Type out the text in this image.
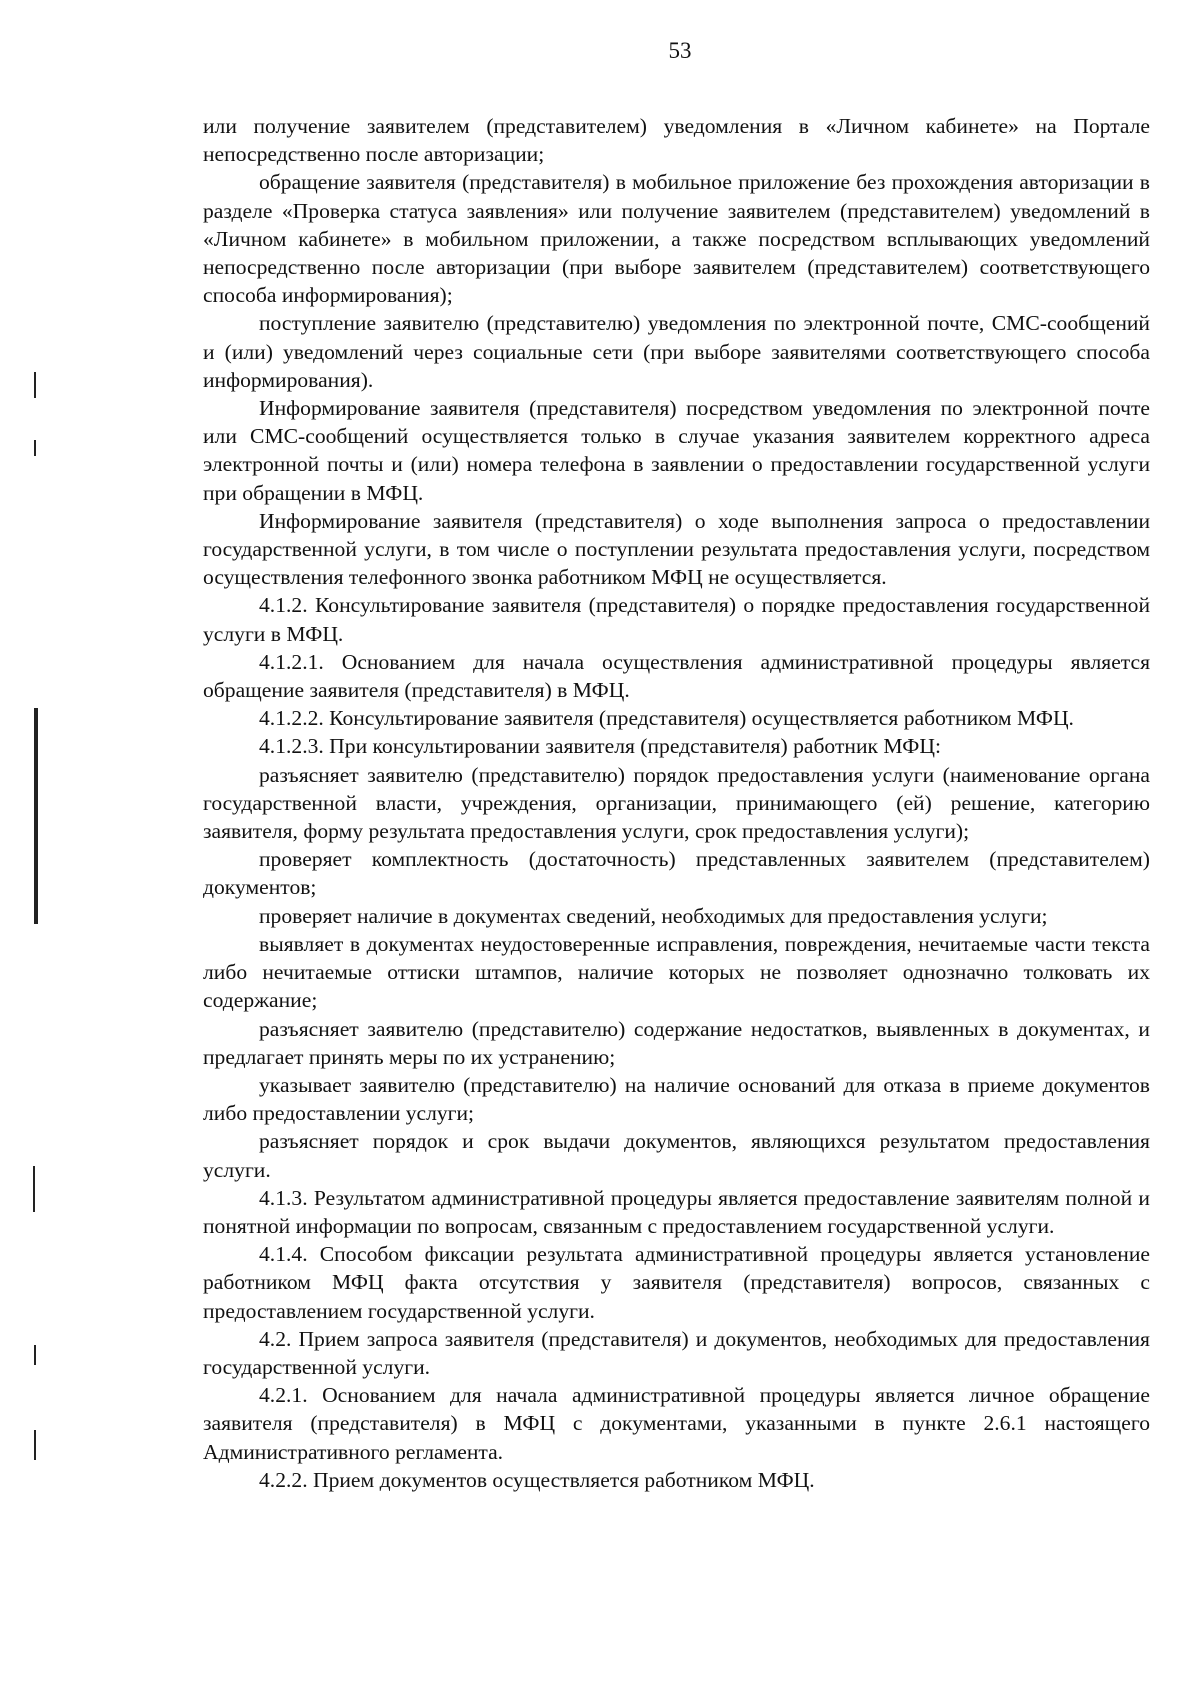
53

или получение заявителем (представителем) уведомления в «Личном кабинете» на Портале непосредственно после авторизации;

обращение заявителя (представителя) в мобильное приложение без прохождения авторизации в разделе «Проверка статуса заявления» или получение заявителем (представителем) уведомлений в «Личном кабинете» в мобильном приложении, а также посредством всплывающих уведомлений непосредственно после авторизации (при выборе заявителем (представителем) соответствующего способа информирования);

поступление заявителю (представителю) уведомления по электронной почте, СМС-сообщений и (или) уведомлений через социальные сети (при выборе заявителями соответствующего способа информирования).

Информирование заявителя (представителя) посредством уведомления по электронной почте или СМС-сообщений осуществляется только в случае указания заявителем корректного адреса электронной почты и (или) номера телефона в заявлении о предоставлении государственной услуги при обращении в МФЦ.

Информирование заявителя (представителя) о ходе выполнения запроса о предоставлении государственной услуги, в том числе о поступлении результата предоставления услуги, посредством осуществления телефонного звонка работником МФЦ не осуществляется.

4.1.2. Консультирование заявителя (представителя) о порядке предоставления государственной услуги в МФЦ.

4.1.2.1. Основанием для начала осуществления административной процедуры является обращение заявителя (представителя) в МФЦ.

4.1.2.2. Консультирование заявителя (представителя) осуществляется работником МФЦ.

4.1.2.3. При консультировании заявителя (представителя) работник МФЦ:

разъясняет заявителю (представителю) порядок предоставления услуги (наименование органа государственной власти, учреждения, организации, принимающего (ей) решение, категорию заявителя, форму результата предоставления услуги, срок предоставления услуги);

проверяет комплектность (достаточность) представленных заявителем (представителем) документов;

проверяет наличие в документах сведений, необходимых для предоставления услуги;

выявляет в документах неудостоверенные исправления, повреждения, нечитаемые части текста либо нечитаемые оттиски штампов, наличие которых не позволяет однозначно толковать их содержание;

разъясняет заявителю (представителю) содержание недостатков, выявленных в документах, и предлагает принять меры по их устранению;

указывает заявителю (представителю) на наличие оснований для отказа в приеме документов либо предоставлении услуги;

разъясняет порядок и срок выдачи документов, являющихся результатом предоставления услуги.

4.1.3. Результатом административной процедуры является предоставление заявителям полной и понятной информации по вопросам, связанным с предоставлением государственной услуги.

4.1.4. Способом фиксации результата административной процедуры является установление работником МФЦ факта отсутствия у заявителя (представителя) вопросов, связанных с предоставлением государственной услуги.

4.2. Прием запроса заявителя (представителя) и документов, необходимых для предоставления государственной услуги.

4.2.1. Основанием для начала административной процедуры является личное обращение заявителя (представителя) в МФЦ с документами, указанными в пункте 2.6.1 настоящего Административного регламента.

4.2.2. Прием документов осуществляется работником МФЦ.
